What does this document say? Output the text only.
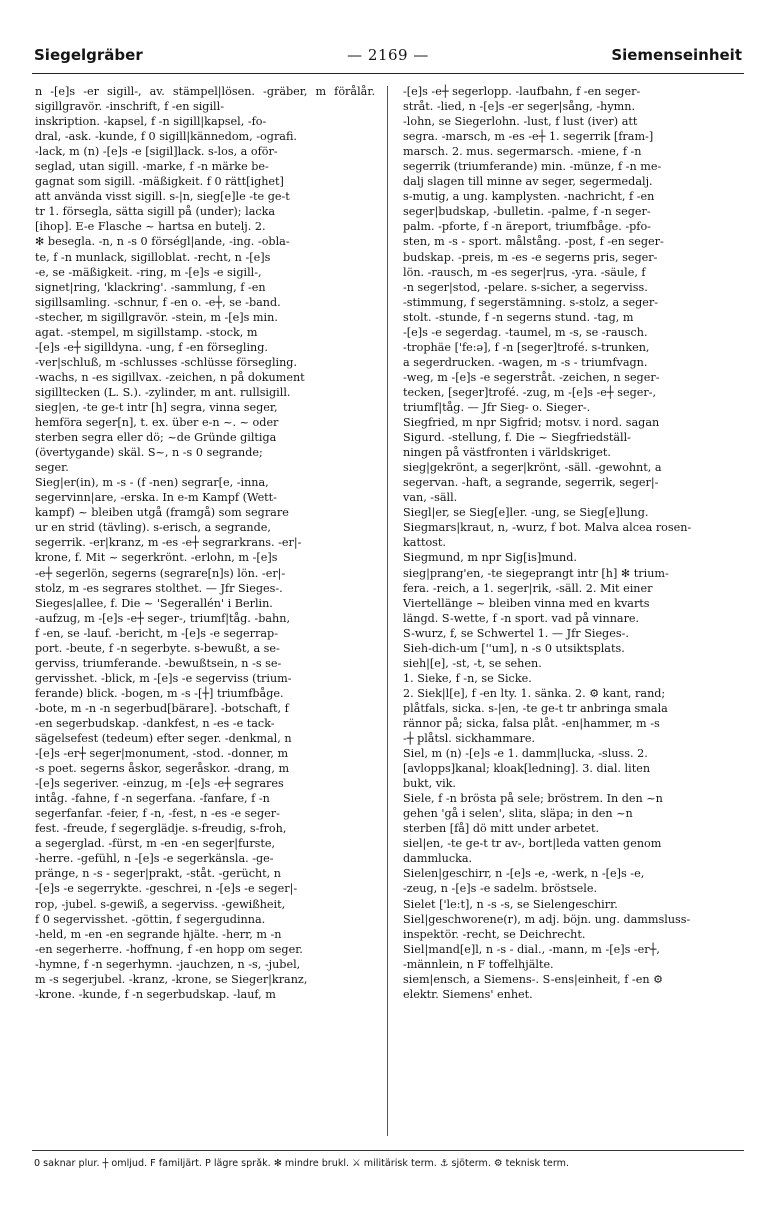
Siegelgräber	— 2169 —	Siemenseinheit

n -[e]s -er sigill-, av. stämpel|lösen. -gräber, m förålår. sigillgravör. -inschrift, f -en sigill-

inskription. -kapsel, f -n sigill|kapsel, -fo-

dral, -ask. -kunde, f 0 sigill|kännedom, -ografi.

-lack, m (n) -[e]s -e [sigil]lack. s-los, a oför-

seglad, utan sigill. -marke, f -n märke be-

gagnat som sigill. -mäßigkeit. f 0 rätt[ighet]

att använda visst sigill. s-|n, sieg[e]le -te ge-t

tr 1. försegla, sätta sigill på (under); lacka

[ihop]. E-e Flasche ~ hartsa en butelj. 2.

✻ besegla. -n, n -s 0 förségl|ande, -ing. -obla-

te, f -n munlack, sigilloblat. -recht, n -[e]s

-e, se -mäßigkeit. -ring, m -[e]s -e sigill-,

signet|ring, 'klackring'. -sammlung, f -en

sigillsamling. -schnur, f -en o. -e┼, se -band.

-stecher, m sigillgravör. -stein, m -[e]s min.

agat. -stempel, m sigillstamp. -stock, m

-[e]s -e┼ sigilldyna. -ung, f -en försegling.

-ver|schluß, m -schlusses -schlüsse försegling.

-wachs, n -es sigillvax. -zeichen, n på dokument

sigilltecken (L. S.). -zylinder, m ant. rullsigill.

sieg|en, -te ge-t intr [h] segra, vinna seger,

hemföra seger[n], t. ex. über e-n ~. ~ oder

sterben segra eller dö; ~de Gründe giltiga

(övertygande) skäl. S~, n -s 0 segrande;

seger.

Sieg|er(in), m -s - (f -nen) segrar[e, -inna,

segervinn|are, -erska. In e-m Kampf (Wett-

kampf) ~ bleiben utgå (framgå) som segrare

ur en strid (tävling). s-erisch, a segrande,

segerrik. -er|kranz, m -es -e┼ segrarkrans. -er|-

krone, f. Mit ~ segerkrönt. -erlohn, m -[e]s

-e┼ segerlön, segerns (segrare[n]s) lön. -er|-

stolz, m -es segrares stolthet. — Jfr Sieges-.

Sieges|allee, f. Die ~ 'Segerallén' i Berlin.

-aufzug, m -[e]s -e┼ seger-, triumf|tåg. -bahn,

f -en, se -lauf. -bericht, m -[e]s -e segerrap-

port. -beute, f -n segerbyte. s-bewußt, a se-

gerviss, triumferande. -bewußtsein, n -s se-

gervisshet. -blick, m -[e]s -e segerviss (trium-

ferande) blick. -bogen, m -s -[┼] triumfbåge.

-bote, m -n -n segerbud[bärare]. -botschaft, f

-en segerbudskap. -dankfest, n -es -e tack-

sägelsefest (tedeum) efter seger. -denkmal, n

-[e]s -er┼ seger|monument, -stod. -donner, m

-s poet. segerns åskor, segeråskor. -drang, m

-[e]s segeriver. -einzug, m -[e]s -e┼ segrares

intåg. -fahne, f -n segerfana. -fanfare, f -n

segerfanfar. -feier, f -n, -fest, n -es -e seger-

fest. -freude, f segerglädje. s-freudig, s-froh,

a segerglad. -fürst, m -en -en seger|furste,

-herre. -gefühl, n -[e]s -e segerkänsla. -ge-

pränge, n -s - seger|prakt, -ståt. -gerücht, n

-[e]s -e segerrykte. -geschrei, n -[e]s -e seger|-

rop, -jubel. s-gewiß, a segerviss. -gewißheit,

f 0 segervisshet. -göttin, f segergudinna.

-held, m -en -en segrande hjälte. -herr, m -n

-en segerherre. -hoffnung, f -en hopp om seger.

-hymne, f -n segerhymn. -jauchzen, n -s, -jubel,

m -s segerjubel. -kranz, -krone, se Sieger|kranz,

-krone. -kunde, f -n segerbudskap. -lauf, m

-[e]s -e┼ segerlopp. -laufbahn, f -en seger-

stråt. -lied, n -[e]s -er seger|sång, -hymn.

-lohn, se Siegerlohn. -lust, f lust (iver) att

segra. -marsch, m -es -e┼ 1. segerrik [fram-]

marsch. 2. mus. segermarsch. -miene, f -n

segerrik (triumferande) min. -münze, f -n me-

dalj slagen till minne av seger, segermedalj.

s-mutig, a ung. kamplysten. -nachricht, f -en

seger|budskap, -bulletin. -palme, f -n seger-

palm. -pforte, f -n äreport, triumfbåge. -pfo-

sten, m -s - sport. målstång. -post, f -en seger-

budskap. -preis, m -es -e segerns pris, seger-

lön. -rausch, m -es seger|rus, -yra. -säule, f

-n seger|stod, -pelare. s-sicher, a segerviss.

-stimmung, f segerstämning. s-stolz, a seger-

stolt. -stunde, f -n segerns stund. -tag, m

-[e]s -e segerdag. -taumel, m -s, se -rausch.

-trophäe ['fe:ə], f -n [seger]trofé. s-trunken,

a segerdrucken. -wagen, m -s - triumfvagn.

-weg, m -[e]s -e segerstråt. -zeichen, n seger-

tecken, [seger]trofé. -zug, m -[e]s -e┼ seger-,

triumf|tåg. — Jfr Sieg- o. Sieger-.

Siegfried, m npr Sigfrid; motsv. i nord. sagan

Sigurd. -stellung, f. Die ~ Siegfriedställ-

ningen på västfronten i världskriget.

sieg|gekrönt, a seger|krönt, -säll. -gewohnt, a

segervan. -haft, a segrande, segerrik, seger|-

van, -säll.

Siegl|er, se Sieg[e]ler. -ung, se Sieg[e]lung.

Siegmars|kraut, n, -wurz, f bot. Malva alcea rosen-

kattost.

Siegmund, m npr Sig[is]mund.

sieg|prang'en, -te siegeprangt intr [h] ✻ trium-

fera. -reich, a 1. seger|rik, -säll. 2. Mit einer

Viertellänge ~ bleiben vinna med en kvarts

längd. S-wette, f -n sport. vad på vinnare.

S-wurz, f, se Schwertel 1. — Jfr Sieges-.

Sieh-dich-um [''um], n -s 0 utsiktsplats.

sieh|[e], -st, -t, se sehen.

1. Sieke, f -n, se Sicke.

2. Siek|l[e], f -en lty. 1. sänka. 2. ⚙ kant, rand;

plåtfals, sicka. s-|en, -te ge-t tr anbringa smala

rännor på; sicka, falsa plåt. -en|hammer, m -s

-┼ plåtsl. sickhammare.

Siel, m (n) -[e]s -e 1. damm|lucka, -sluss. 2.

[avlopps]kanal; kloak[ledning]. 3. dial. liten

bukt, vik.

Siele, f -n brösta på sele; bröstrem. In den ~n

gehen 'gå i selen', slita, släpa; in den ~n

sterben [få] dö mitt under arbetet.

siel|en, -te ge-t tr av-, bort|leda vatten genom

dammlucka.

Sielen|geschirr, n -[e]s -e, -werk, n -[e]s -e,

-zeug, n -[e]s -e sadelm. bröstsele.

Sielet ['le:t], n -s -s, se Sielengeschirr.

Siel|geschworene(r), m adj. böjn. ung. dammsluss-

inspektör. -recht, se Deichrecht.

Siel|mand[e]l, n -s - dial., -mann, m -[e]s -er┼,

-männlein, n F toffelhjälte.

siem|ensch, a Siemens-. S-ens|einheit, f -en ⚙

elektr. Siemens' enhet.

0 saknar plur. ┼ omljud. F familjärt. P lägre språk. ✻ mindre brukl. ⚔ militärisk term. ⚓ sjöterm. ⚙ teknisk term.
